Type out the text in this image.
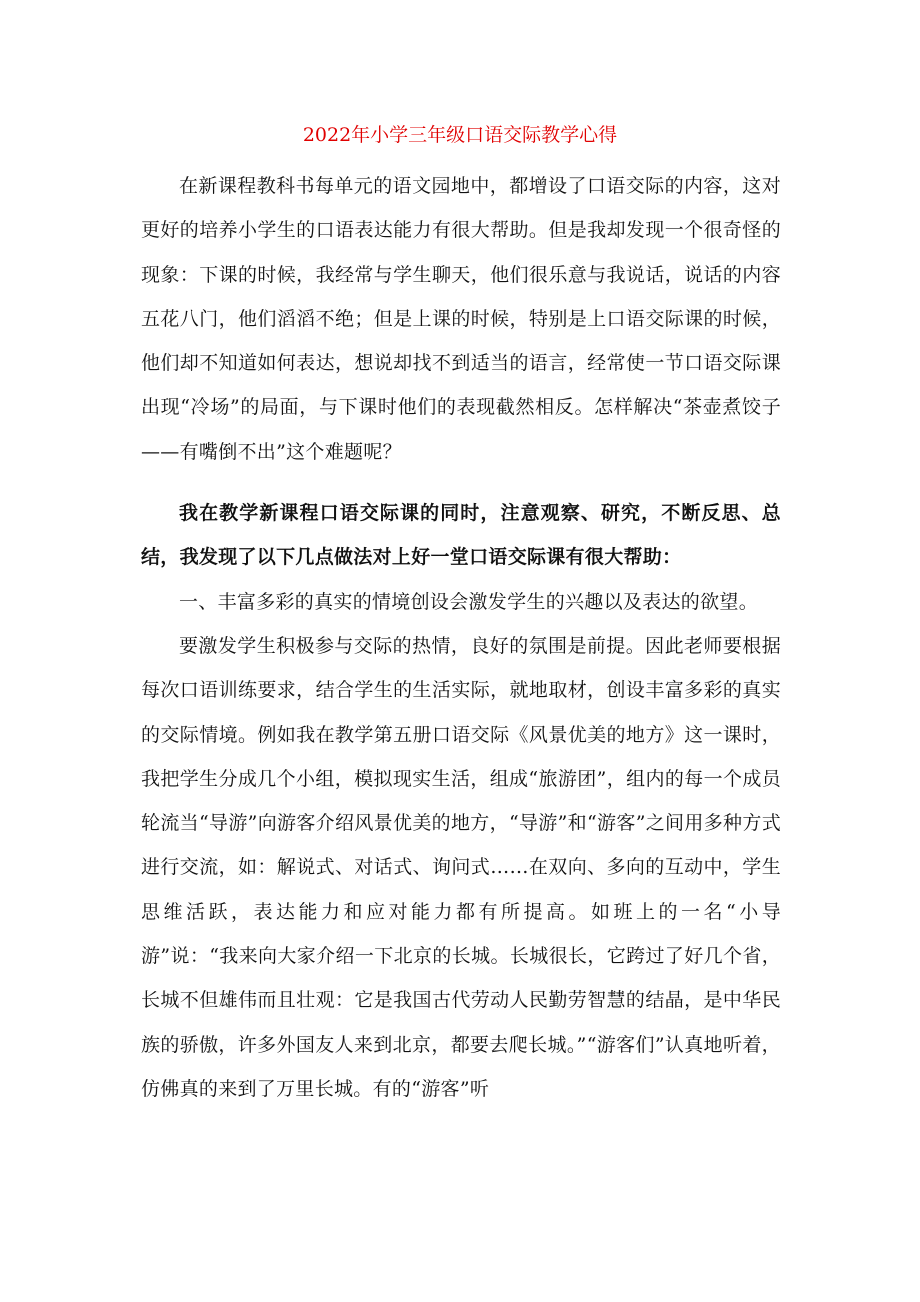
2022年小学三年级口语交际教学心得

在新课程教科书每单元的语文园地中，都增设了口语交际的内容，这对更好的培养小学生的口语表达能力有很大帮助。但是我却发现一个很奇怪的现象：下课的时候，我经常与学生聊天，他们很乐意与我说话，说话的内容五花八门，他们滔滔不绝；但是上课的时候，特别是上口语交际课的时候，他们却不知道如何表达，想说却找不到适当的语言，经常使一节口语交际课出现“冷场”的局面，与下课时他们的表现截然相反。怎样解决“茶壶煮饺子——有嘴倒不出”这个难题呢？

我在教学新课程口语交际课的同时，注意观察、研究，不断反思、总结，我发现了以下几点做法对上好一堂口语交际课有很大帮助：

一、丰富多彩的真实的情境创设会激发学生的兴趣以及表达的欲望。

要激发学生积极参与交际的热情，良好的氛围是前提。因此老师要根据每次口语训练要求，结合学生的生活实际，就地取材，创设丰富多彩的真实的交际情境。例如我在教学第五册口语交际《风景优美的地方》这一课时，我把学生分成几个小组，模拟现实生活，组成“旅游团”，组内的每一个成员轮流当“导游”向游客介绍风景优美的地方，“导游”和“游客”之间用多种方式进行交流，如：解说式、对话式、询问式……在双向、多向的互动中，学生思维活跃，表达能力和应对能力都有所提高。如班上的一名“小导游”说：“我来向大家介绍一下北京的长城。长城很长，它跨过了好几个省，长城不但雄伟而且壮观：它是我国古代劳动人民勤劳智慧的结晶，是中华民族的骄傲，许多外国友人来到北京，都要去爬长城。”“游客们”认真地听着，仿佛真的来到了万里长城。有的“游客”听
